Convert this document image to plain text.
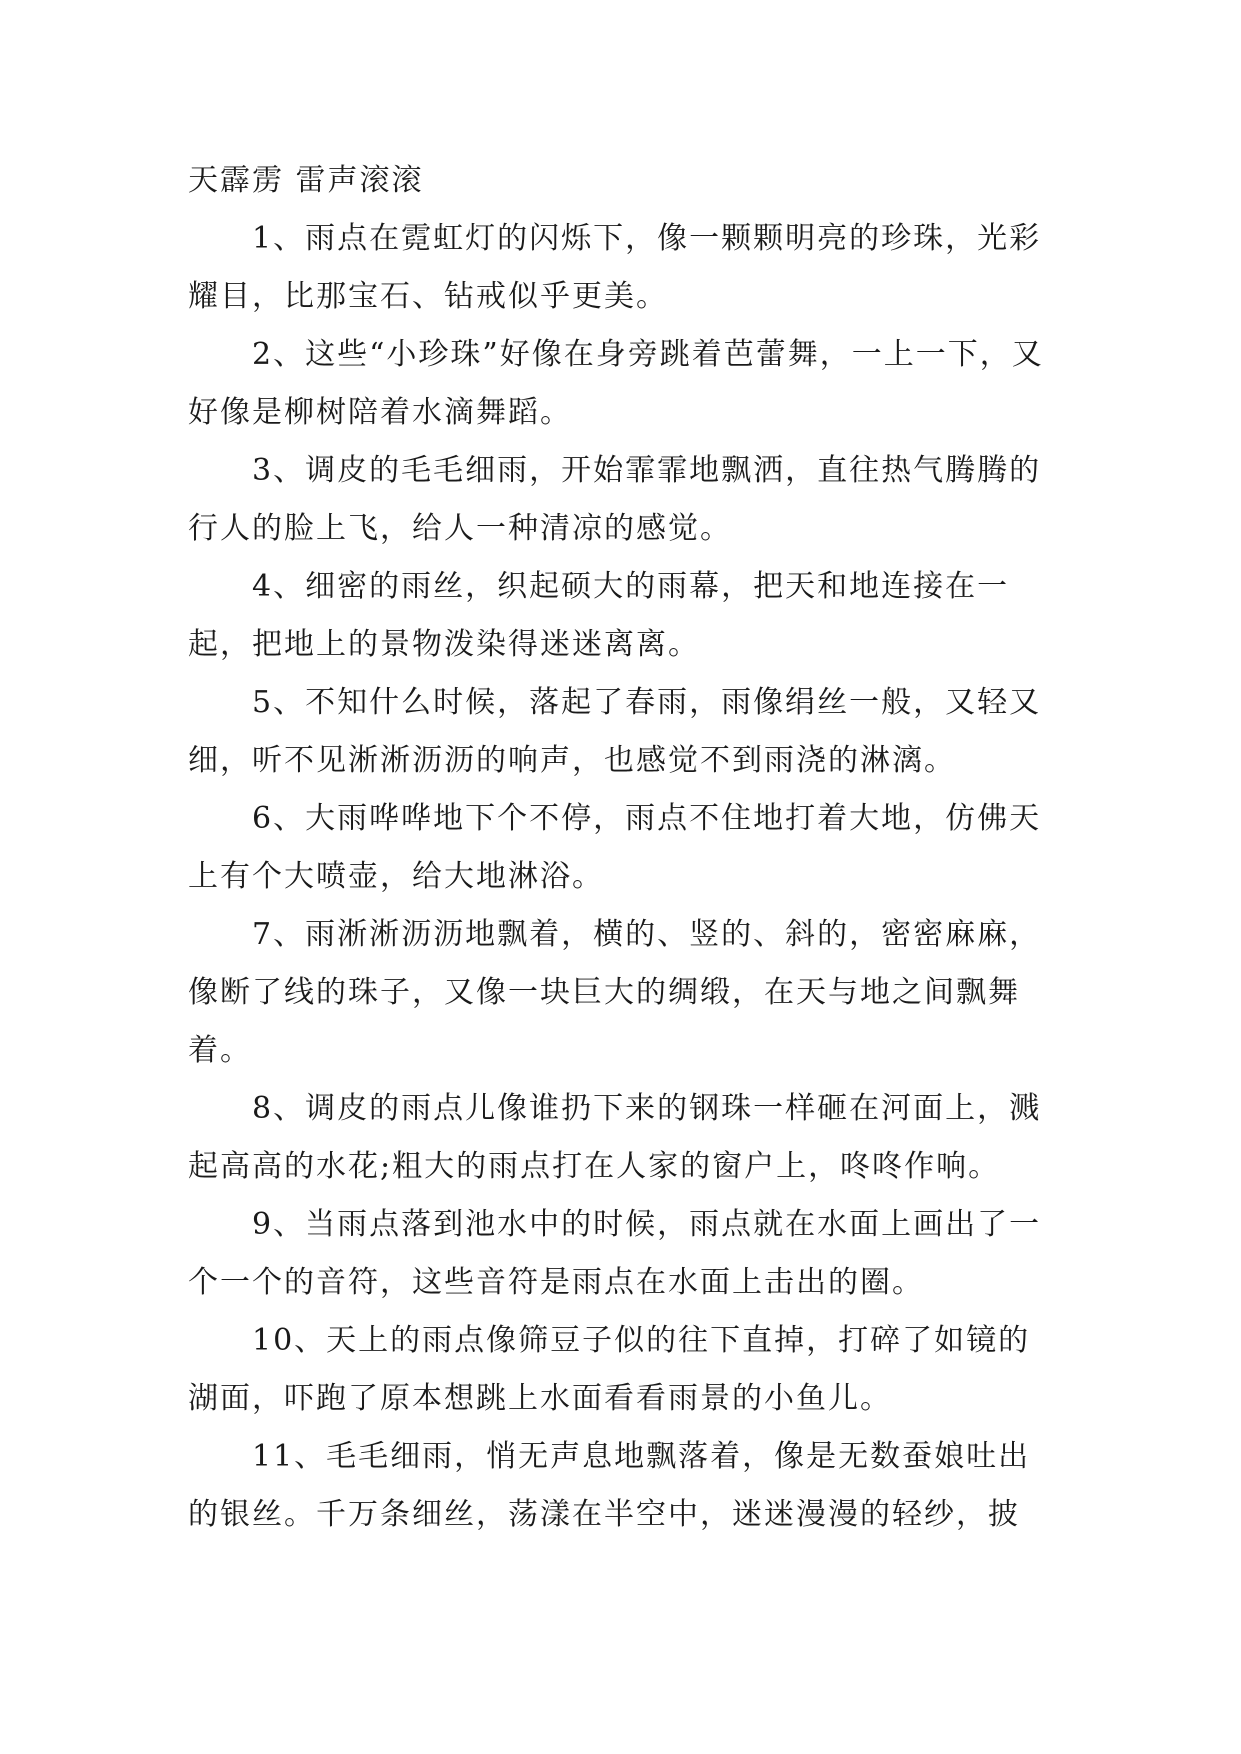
天霹雳 雷声滚滚

1、雨点在霓虹灯的闪烁下，像一颗颗明亮的珍珠，光彩耀目，比那宝石、钻戒似乎更美。

2、这些“小珍珠”好像在身旁跳着芭蕾舞，一上一下，又好像是柳树陪着水滴舞蹈。

3、调皮的毛毛细雨，开始霏霏地飘洒，直往热气腾腾的行人的脸上飞，给人一种清凉的感觉。

4、细密的雨丝，织起硕大的雨幕，把天和地连接在一起，把地上的景物泼染得迷迷离离。

5、不知什么时候，落起了春雨，雨像绢丝一般，又轻又细，听不见淅淅沥沥的响声，也感觉不到雨浇的淋漓。

6、大雨哗哗地下个不停，雨点不住地打着大地，仿佛天上有个大喷壶，给大地淋浴。

7、雨淅淅沥沥地飘着，横的、竖的、斜的，密密麻麻，像断了线的珠子，又像一块巨大的绸缎，在天与地之间飘舞着。

8、调皮的雨点儿像谁扔下来的钢珠一样砸在河面上，溅起高高的水花;粗大的雨点打在人家的窗户上，咚咚作响。

9、当雨点落到池水中的时候，雨点就在水面上画出了一个一个的音符，这些音符是雨点在水面上击出的圈。

10、天上的雨点像筛豆子似的往下直掉，打碎了如镜的湖面，吓跑了原本想跳上水面看看雨景的小鱼儿。

11、毛毛细雨，悄无声息地飘落着，像是无数蚕娘吐出的银丝。千万条细丝，荡漾在半空中，迷迷漫漫的轻纱，披
